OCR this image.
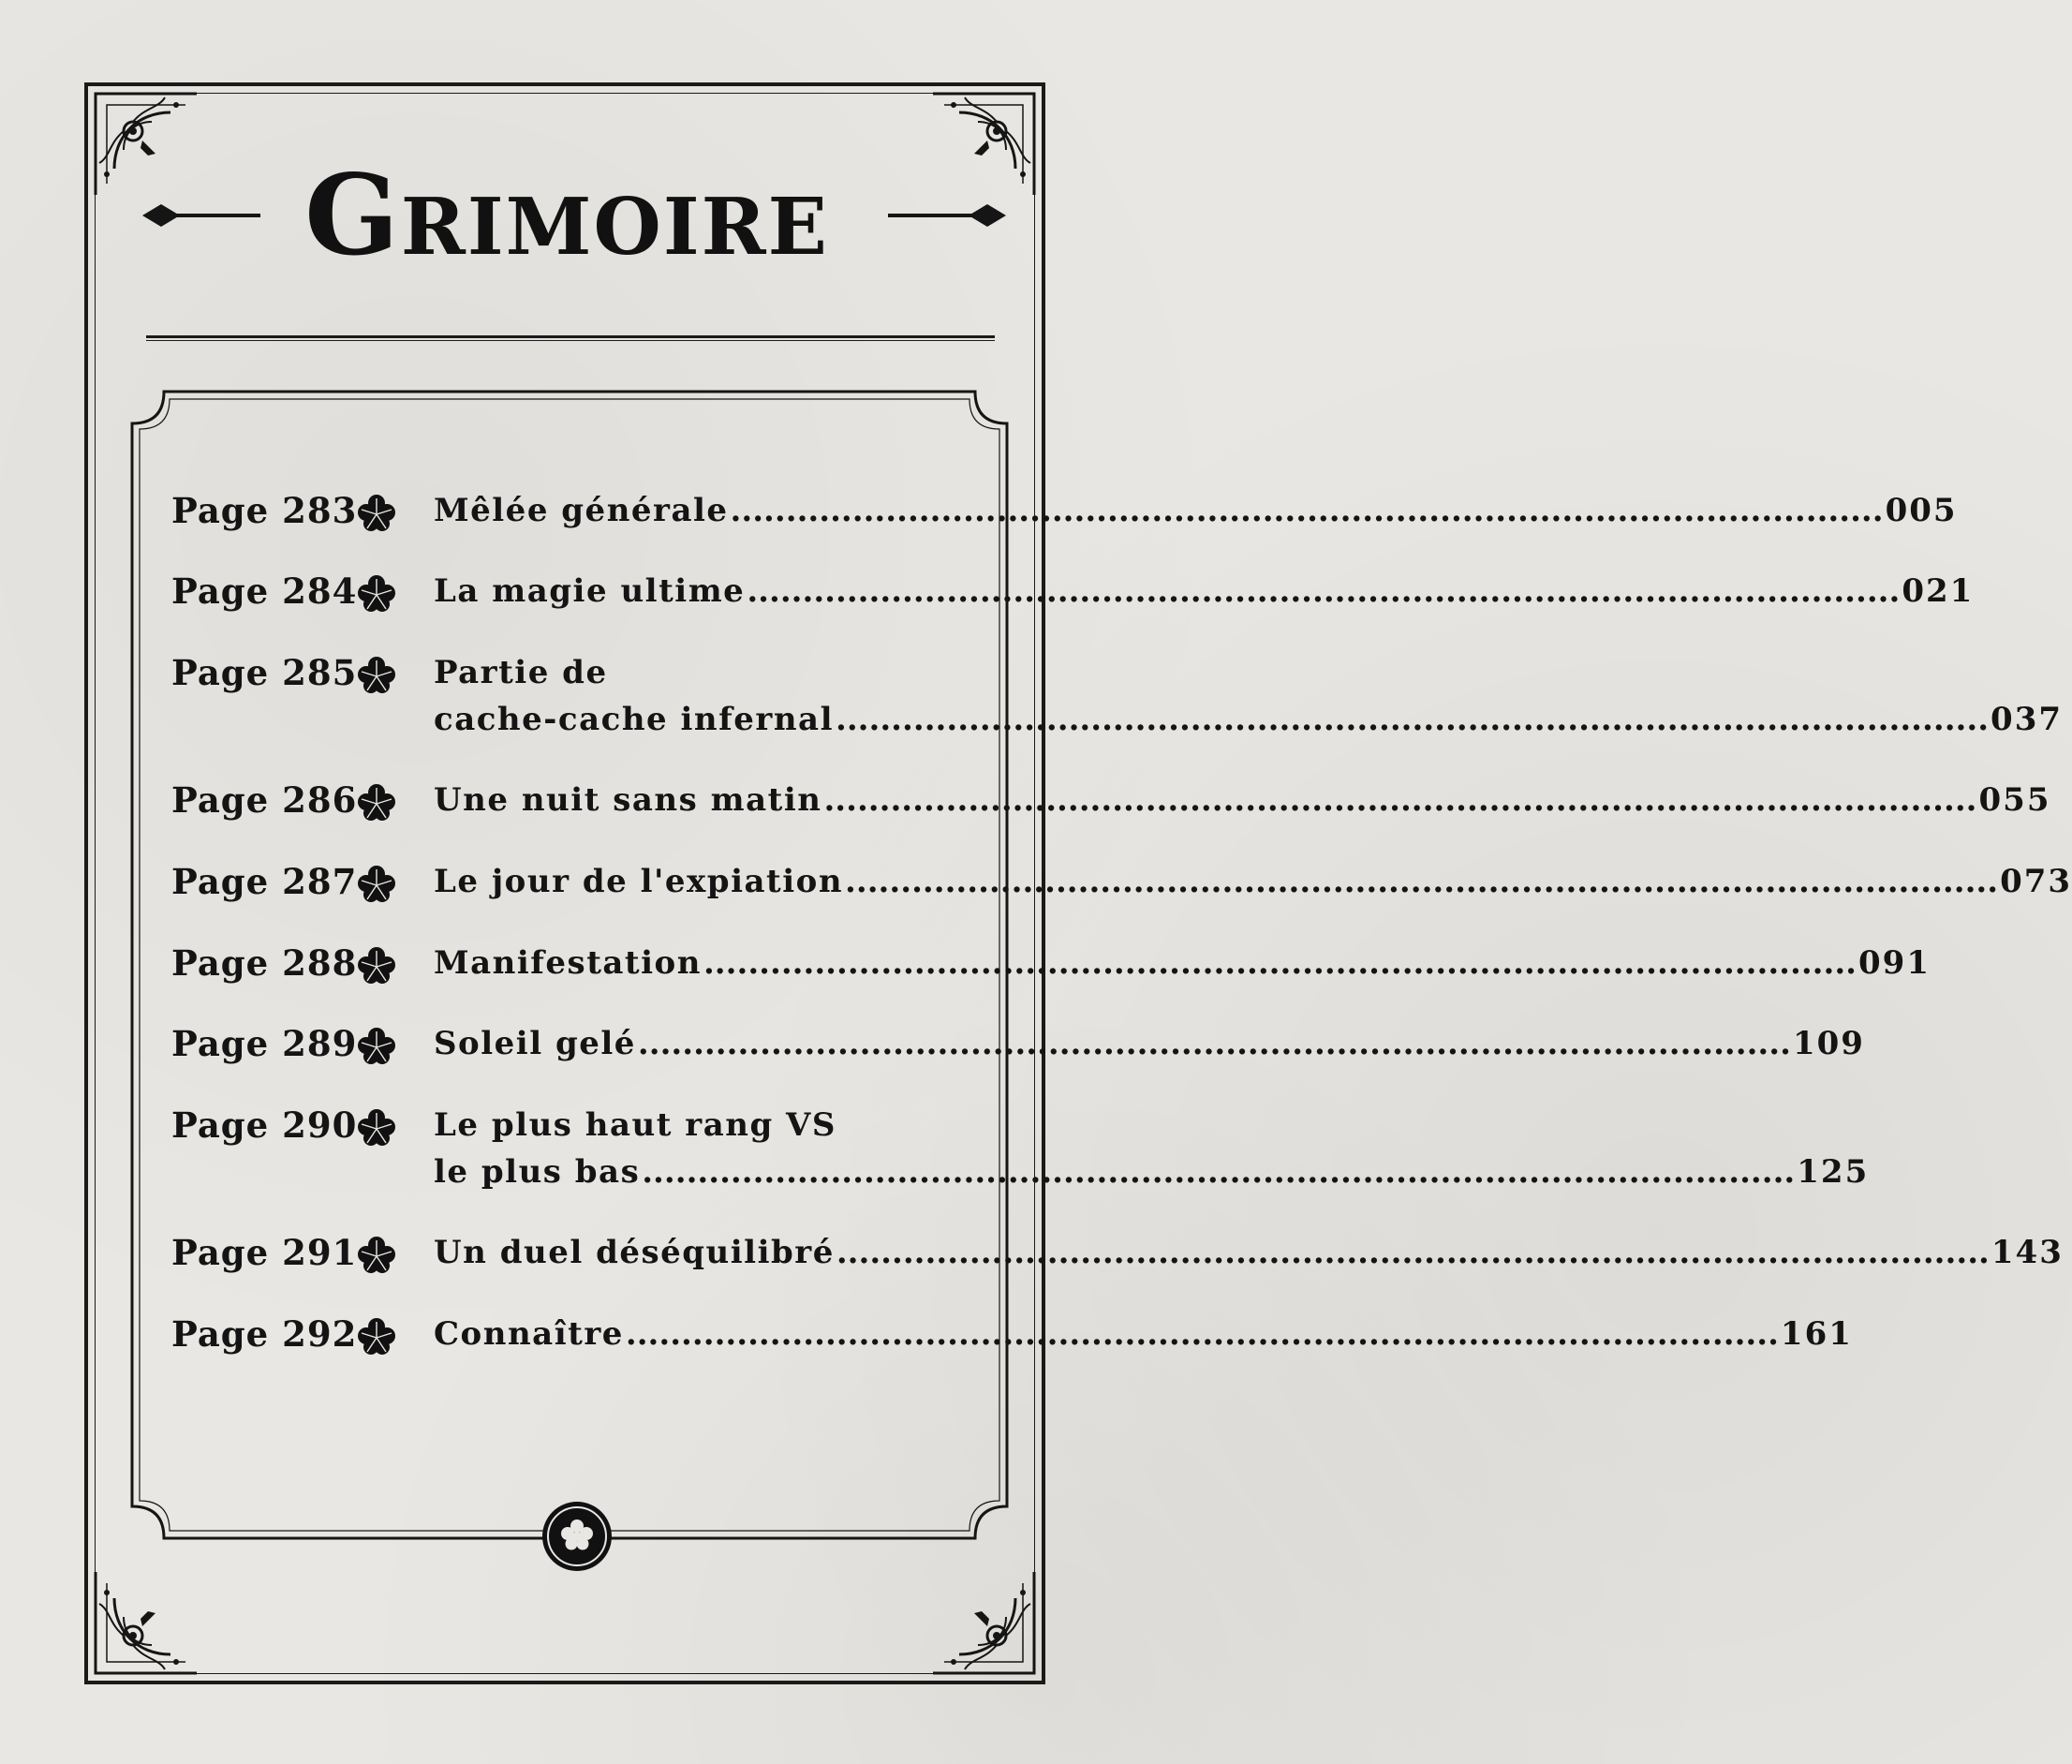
Grimoire
Page 283 Mêlée générale ........................................................................................................ 005
Page 284 La magie ultime ........................................................................................................ 021
Page 285 Partie de
cache-cache infernal ........................................................................................................ 037
Page 286 Une nuit sans matin ........................................................................................................ 055
Page 287 Le jour de l'expiation ........................................................................................................ 073
Page 288 Manifestation ........................................................................................................ 091
Page 289 Soleil gelé ........................................................................................................ 109
Page 290 Le plus haut rang VS
le plus bas ........................................................................................................ 125
Page 291 Un duel déséquilibré ........................................................................................................ 143
Page 292 Connaître ........................................................................................................ 161
